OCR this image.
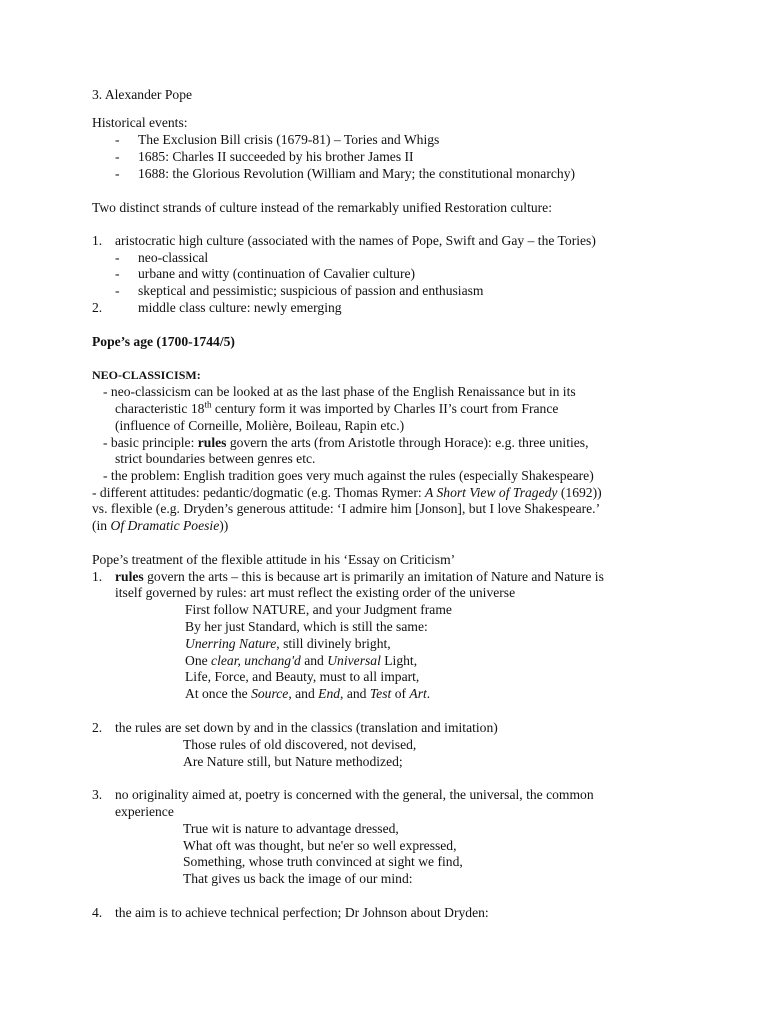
3. Alexander Pope
Historical events:
- The Exclusion Bill crisis (1679-81) – Tories and Whigs
- 1685: Charles II succeeded by his brother James II
- 1688: the Glorious Revolution (William and Mary; the constitutional monarchy)
Two distinct strands of culture instead of the remarkably unified Restoration culture:
1. aristocratic high culture (associated with the names of Pope, Swift and Gay – the Tories)
- neo-classical
- urbane and witty (continuation of Cavalier culture)
- skeptical and pessimistic; suspicious of passion and enthusiasm
2.	middle class culture: newly emerging
Pope’s age (1700-1744/5)
NEO-CLASSICISM:
- neo-classicism can be looked at as the last phase of the English Renaissance but in its
characteristic 18th century form it was imported by Charles II’s court from France
(influence of Corneille, Molière, Boileau, Rapin etc.)
- basic principle: rules govern the arts (from Aristotle through Horace): e.g. three unities,
strict boundaries between genres etc.
- the problem: English tradition goes very much against the rules (especially Shakespeare)
- different attitudes: pedantic/dogmatic (e.g. Thomas Rymer: A Short View of Tragedy (1692))
vs. flexible (e.g. Dryden’s generous attitude: ‘I admire him [Jonson], but I love Shakespeare.’
(in Of Dramatic Poesie))
Pope’s treatment of the flexible attitude in his ‘Essay on Criticism’
1. rules govern the arts – this is because art is primarily an imitation of Nature and Nature is
itself governed by rules: art must reflect the existing order of the universe
First follow NATURE, and your Judgment frame
By her just Standard, which is still the same:
Unerring Nature, still divinely bright,
One clear, unchang'd and Universal Light,
Life, Force, and Beauty, must to all impart,
At once the Source, and End, and Test of Art.
2. the rules are set down by and in the classics (translation and imitation)
Those rules of old discovered, not devised,
Are Nature still, but Nature methodized;
3. no originality aimed at, poetry is concerned with the general, the universal, the common
experience
True wit is nature to advantage dressed,
What oft was thought, but ne'er so well expressed,
Something, whose truth convinced at sight we find,
That gives us back the image of our mind:
4. the aim is to achieve technical perfection; Dr Johnson about Dryden:
